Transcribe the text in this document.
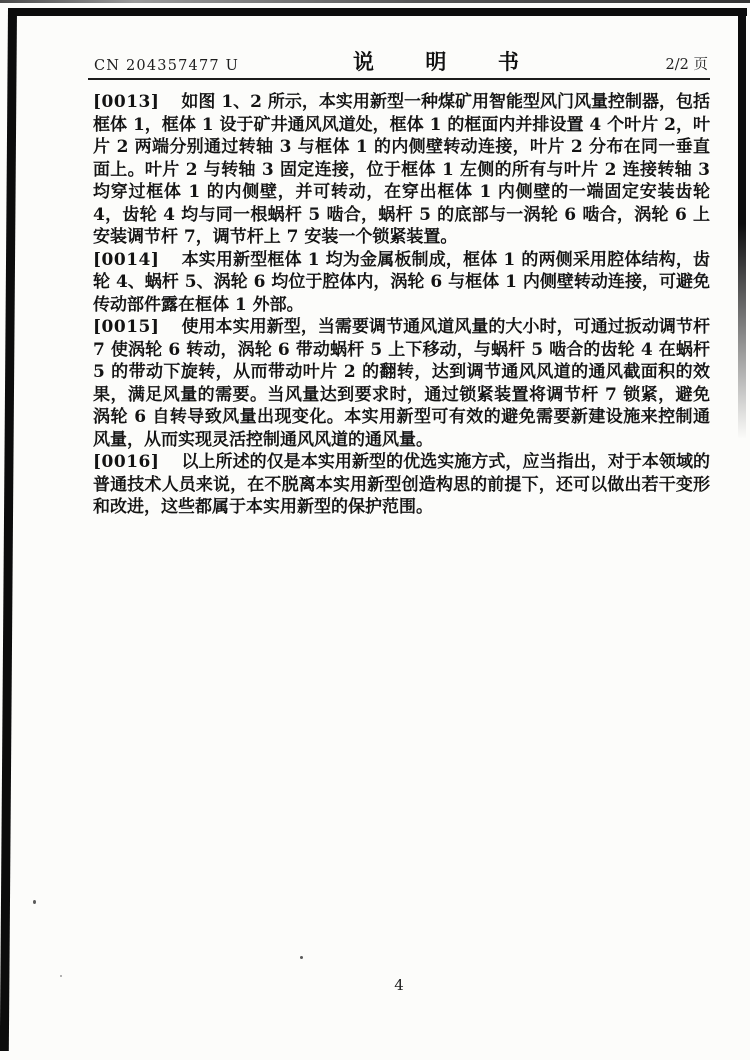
CN 204357477 U	说 明 书	2/2 页

[0013] 如图 1、2 所示，本实用新型一种煤矿用智能型风门风量控制器，包括框体 1，框体 1 设于矿井通风风道处，框体 1 的框面内并排设置 4 个叶片 2，叶片 2 两端分别通过转轴 3 与框体 1 的内侧壁转动连接，叶片 2 分布在同一垂直面上。叶片 2 与转轴 3 固定连接，位于框体 1 左侧的所有与叶片 2 连接转轴 3 均穿过框体 1 的内侧壁，并可转动，在穿出框体 1 内侧壁的一端固定安装齿轮 4，齿轮 4 均与同一根蜗杆 5 啮合，蜗杆 5 的底部与一涡轮 6 啮合，涡轮 6 上安装调节杆 7，调节杆上 7 安装一个锁紧装置。

[0014] 本实用新型框体 1 均为金属板制成，框体 1 的两侧采用腔体结构，齿轮 4、蜗杆 5、涡轮 6 均位于腔体内，涡轮 6 与框体 1 内侧壁转动连接，可避免传动部件露在框体 1 外部。

[0015] 使用本实用新型，当需要调节通风道风量的大小时，可通过扳动调节杆 7 使涡轮 6 转动，涡轮 6 带动蜗杆 5 上下移动，与蜗杆 5 啮合的齿轮 4 在蜗杆 5 的带动下旋转，从而带动叶片 2 的翻转，达到调节通风风道的通风截面积的效果，满足风量的需要。当风量达到要求时，通过锁紧装置将调节杆 7 锁紧，避免涡轮 6 自转导致风量出现变化。本实用新型可有效的避免需要新建设施来控制通风量，从而实现灵活控制通风风道的通风量。

[0016] 以上所述的仅是本实用新型的优选实施方式，应当指出，对于本领域的普通技术人员来说，在不脱离本实用新型创造构思的前提下，还可以做出若干变形和改进，这些都属于本实用新型的保护范围。

4
